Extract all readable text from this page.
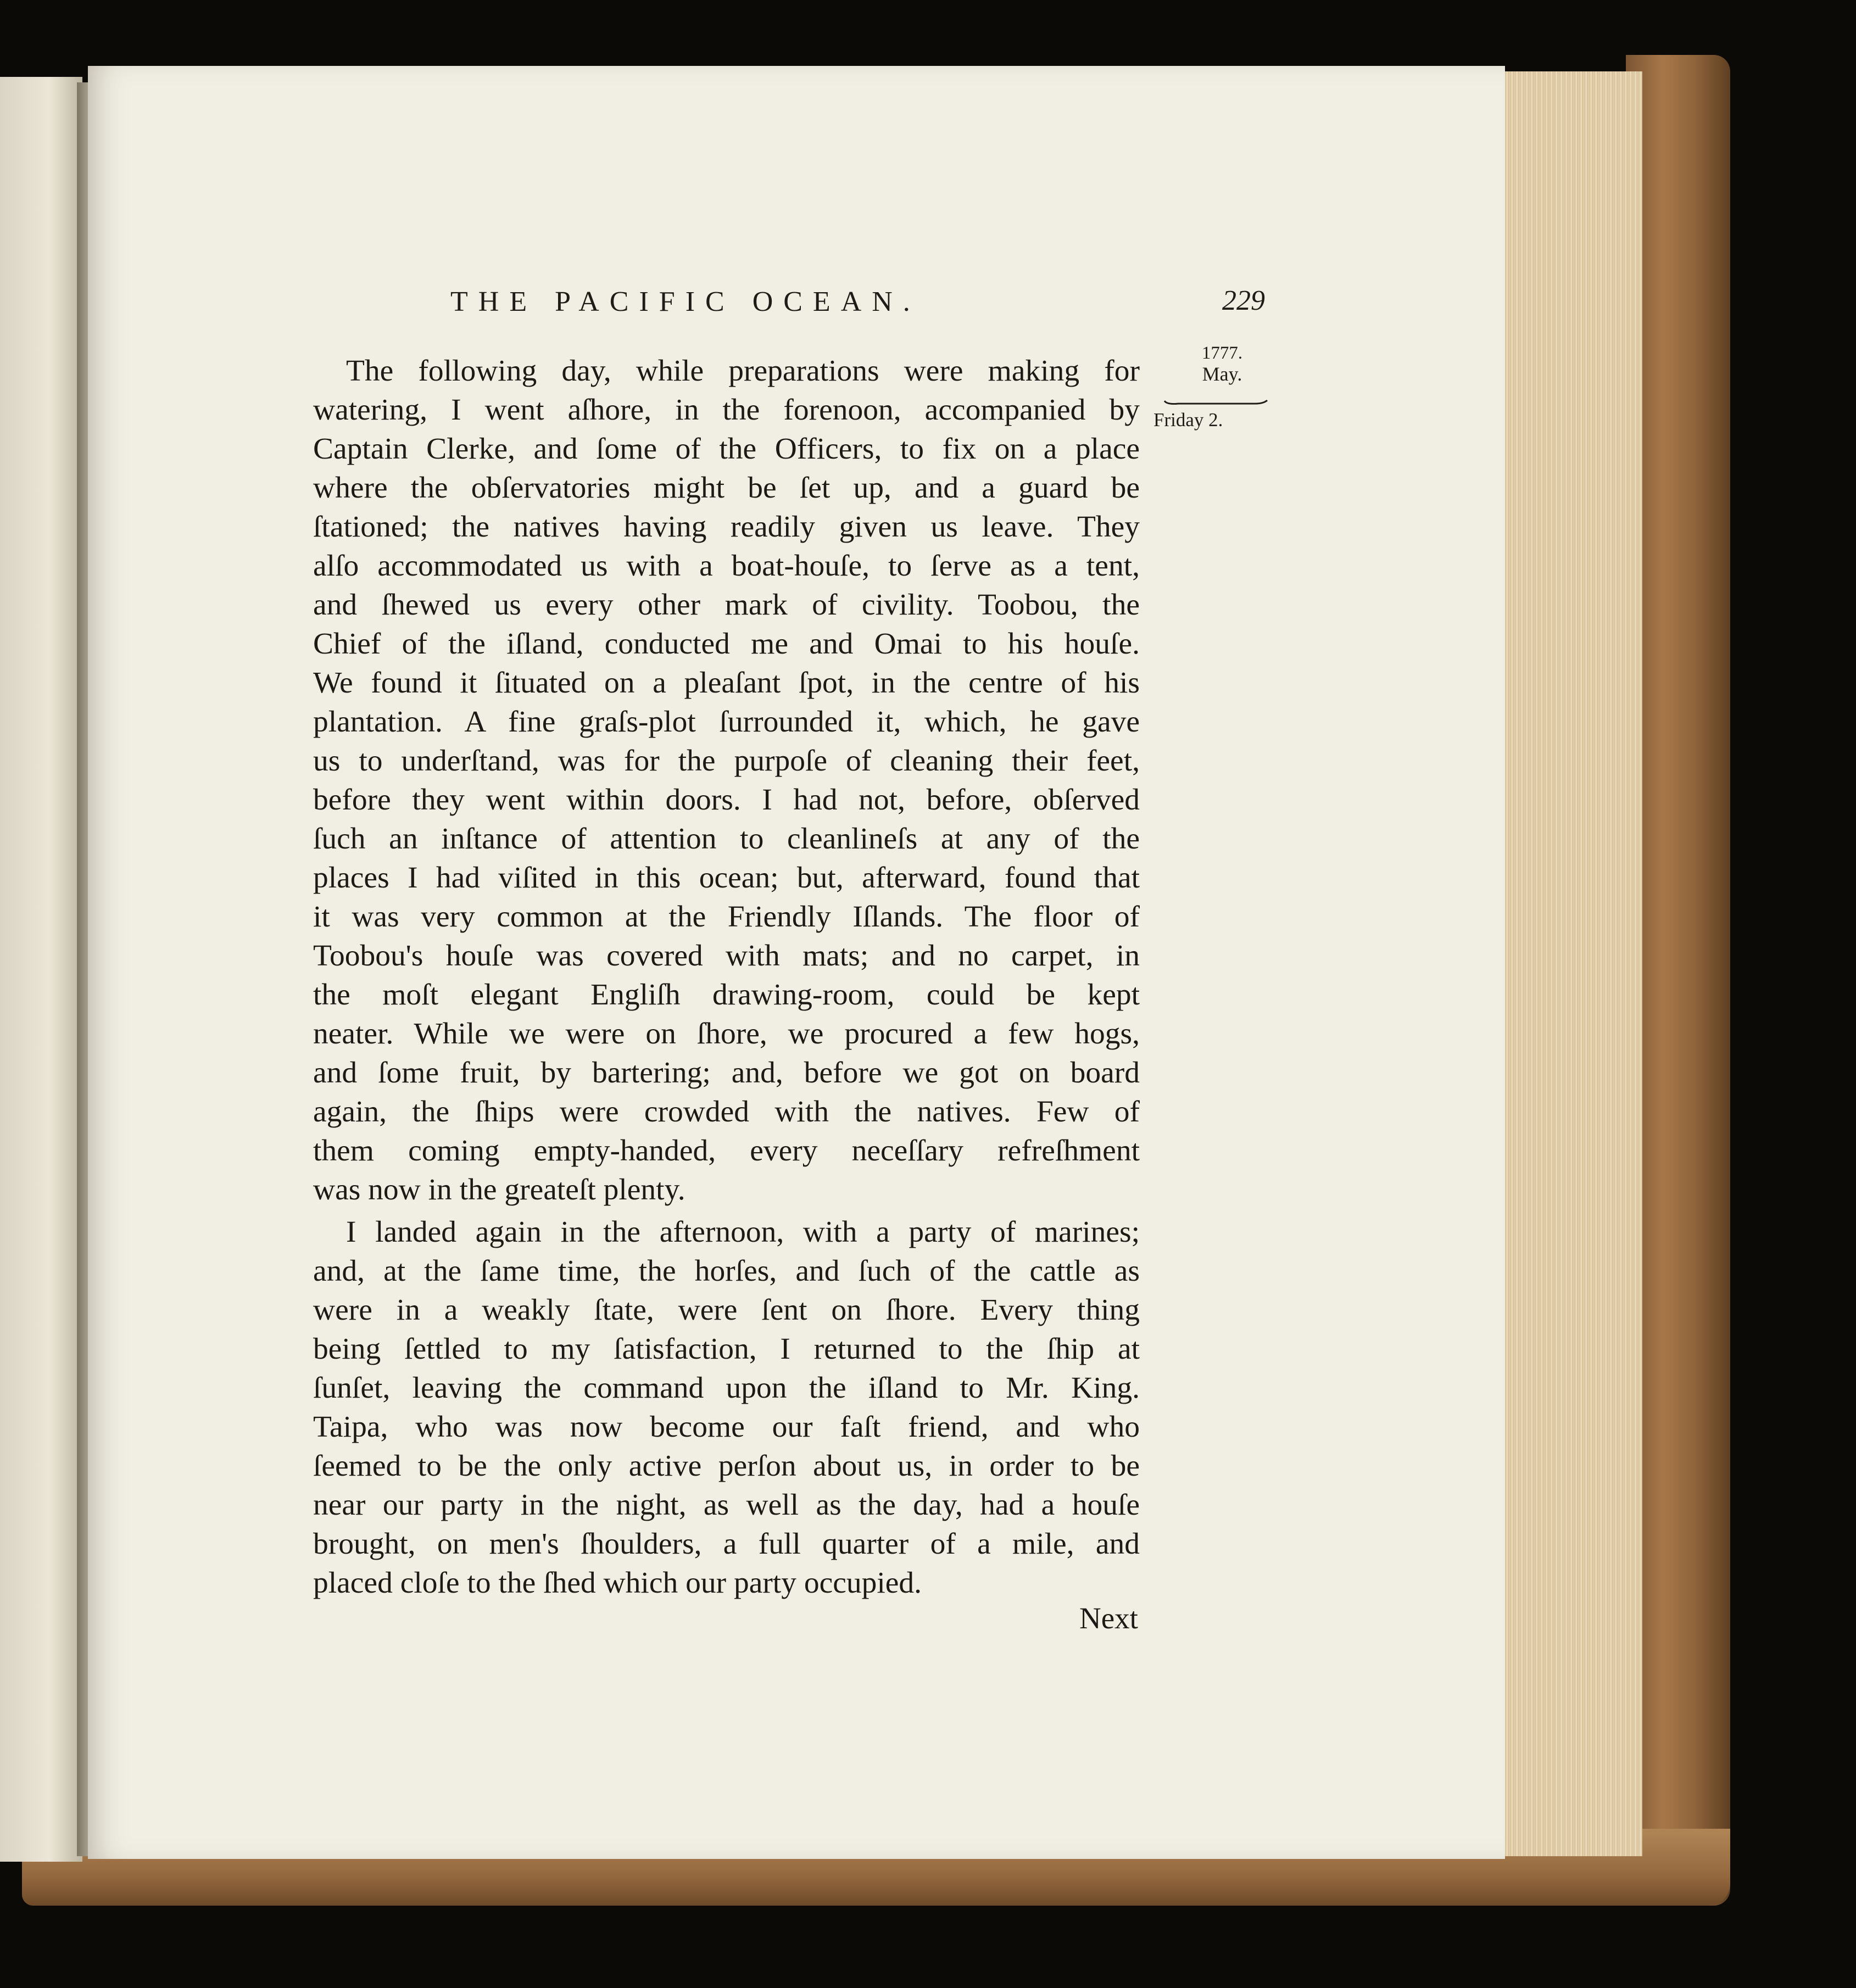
THE PACIFIC OCEAN.	229
1777.
May.
Friday 2.
The following day, while preparations were making for
watering, I went aſhore, in the forenoon, accompanied by
Captain Clerke, and ſome of the Officers, to fix on a place
where the obſervatories might be ſet up, and a guard be
ſtationed; the natives having readily given us leave. They
alſo accommodated us with a boat-houſe, to ſerve as a tent,
and ſhewed us every other mark of civility. Toobou, the
Chief of the iſland, conducted me and Omai to his houſe.
We found it ſituated on a pleaſant ſpot, in the centre of his
plantation. A fine graſs-plot ſurrounded it, which, he gave
us to underſtand, was for the purpoſe of cleaning their feet,
before they went within doors. I had not, before, obſerved
ſuch an inſtance of attention to cleanlineſs at any of the
places I had viſited in this ocean; but, afterward, found that
it was very common at the Friendly Iſlands. The floor of
Toobou's houſe was covered with mats; and no carpet, in
the moſt elegant Engliſh drawing-room, could be kept
neater. While we were on ſhore, we procured a few hogs,
and ſome fruit, by bartering; and, before we got on board
again, the ſhips were crowded with the natives. Few of
them coming empty-handed, every neceſſary refreſhment
was now in the greateſt plenty.
I landed again in the afternoon, with a party of marines;
and, at the ſame time, the horſes, and ſuch of the cattle as
were in a weakly ſtate, were ſent on ſhore. Every thing
being ſettled to my ſatisfaction, I returned to the ſhip at
ſunſet, leaving the command upon the iſland to Mr. King.
Taipa, who was now become our faſt friend, and who
ſeemed to be the only active perſon about us, in order to be
near our party in the night, as well as the day, had a houſe
brought, on men's ſhoulders, a full quarter of a mile, and
placed cloſe to the ſhed which our party occupied.
Next
